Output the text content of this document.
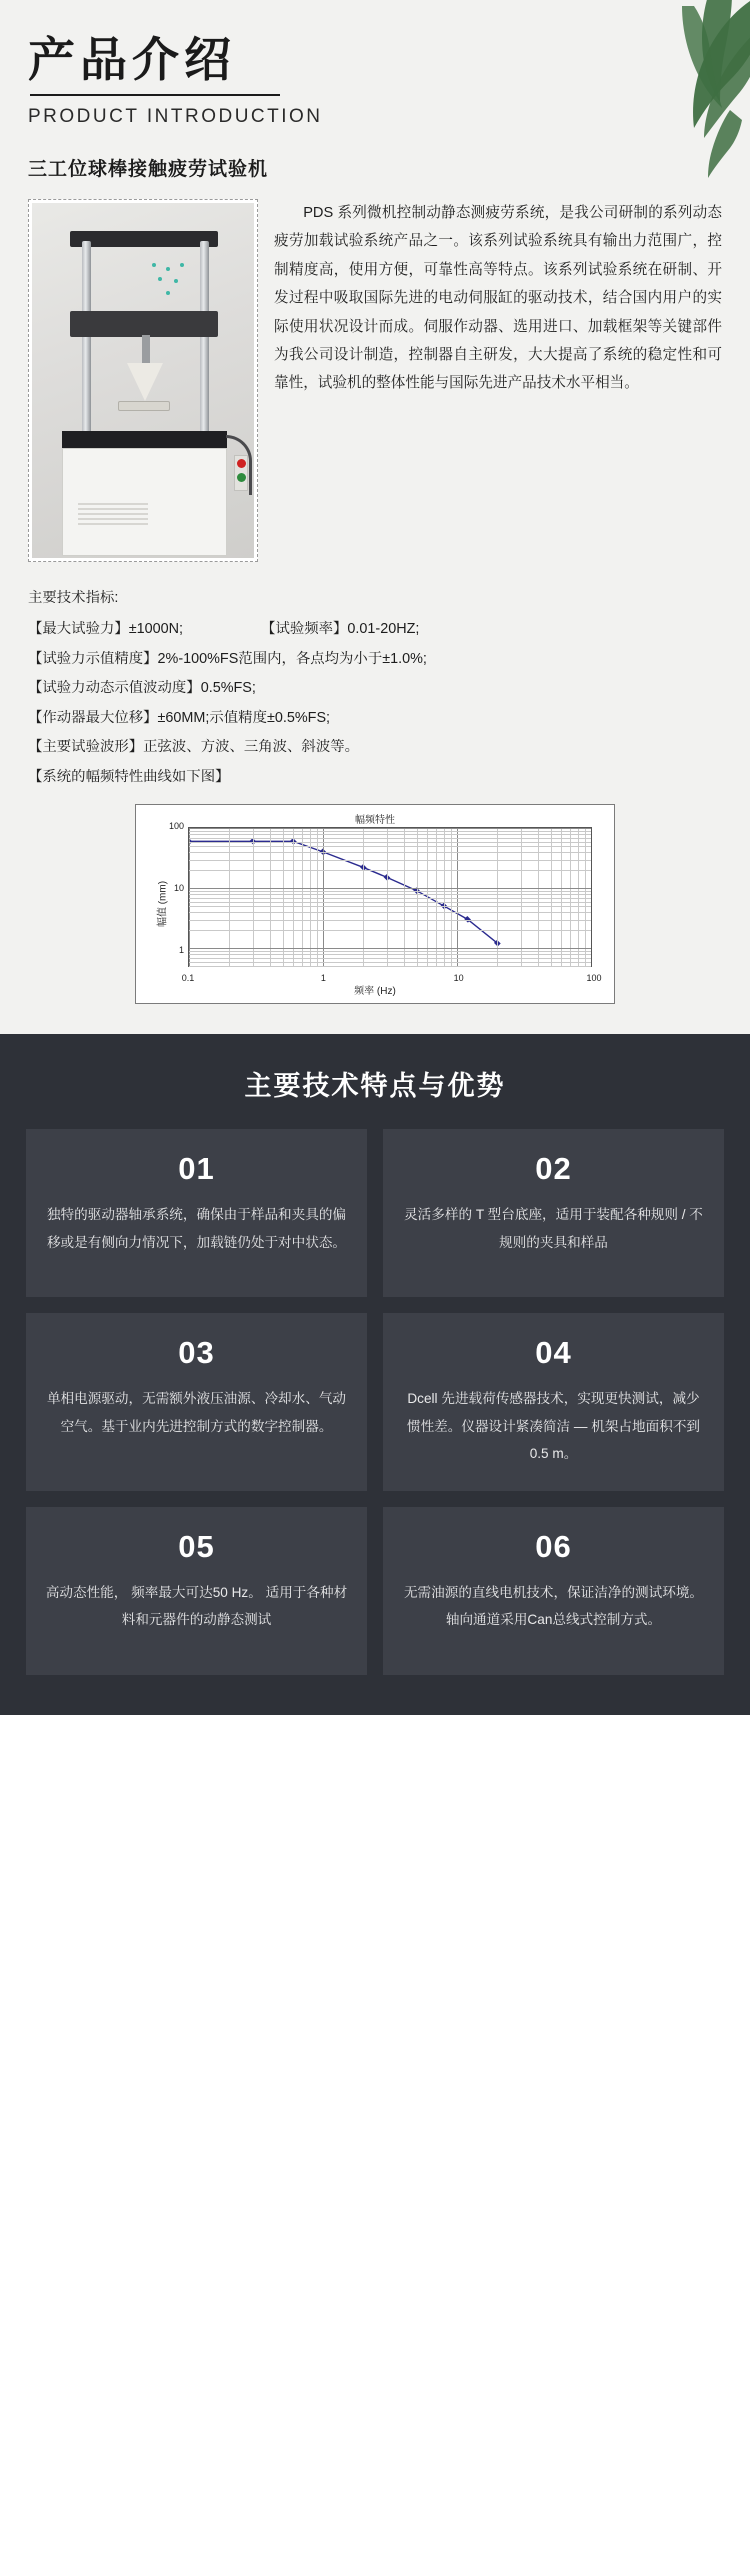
产品介绍
PRODUCT INTRODUCTION
三工位球棒接触疲劳试验机

PDS 系列微机控制动静态测疲劳系统，是我公司研制的系列动态疲劳加载试验系统产品之一。该系列试验系统具有输出力范围广，控制精度高，使用方便，可靠性高等特点。该系列试验系统在研制、开发过程中吸取国际先进的电动伺服缸的驱动技术，结合国内用户的实际使用状况设计而成。伺服作动器、选用进口、加载框架等关键部件为我公司设计制造，控制器自主研发，大大提高了系统的稳定性和可靠性，试验机的整体性能与国际先进产品技术水平相当。

主要技术指标:
【最大试验力】±1000N;	【试验频率】0.01-20HZ;
【试验力示值精度】2%-100%FS范围内，各点均为小于±1.0%;
【试验力动态示值波动度】0.5%FS;
【作动器最大位移】±60MM;示值精度±0.5%FS;
【主要试验波形】正弦波、方波、三角波、斜波等。
【系统的幅频特性曲线如下图】
幅频特性
幅值 (mm)
频率 (Hz)
0.1	1	10	100
1
10
100
主要技术特点与优势
01
独特的驱动器轴承系统，确保由于样品和夹具的偏移或是有侧向力情况下，加载链仍处于对中状态。
02
灵活多样的 T 型台底座，适用于装配各种规则 / 不规则的夹具和样品
03
单相电源驱动，无需额外液压油源、冷却水、气动空气。基于业内先进控制方式的数字控制器。
04
Dcell 先进载荷传感器技术，实现更快测试，减少惯性差。仪器设计紧凑简洁 — 机架占地面积不到 0.5 m。
05
高动态性能， 频率最大可达50 Hz。 适用于各种材料和元器件的动静态测试
06
无需油源的直线电机技术，保证洁净的测试环境。 轴向通道采用Can总线式控制方式。
